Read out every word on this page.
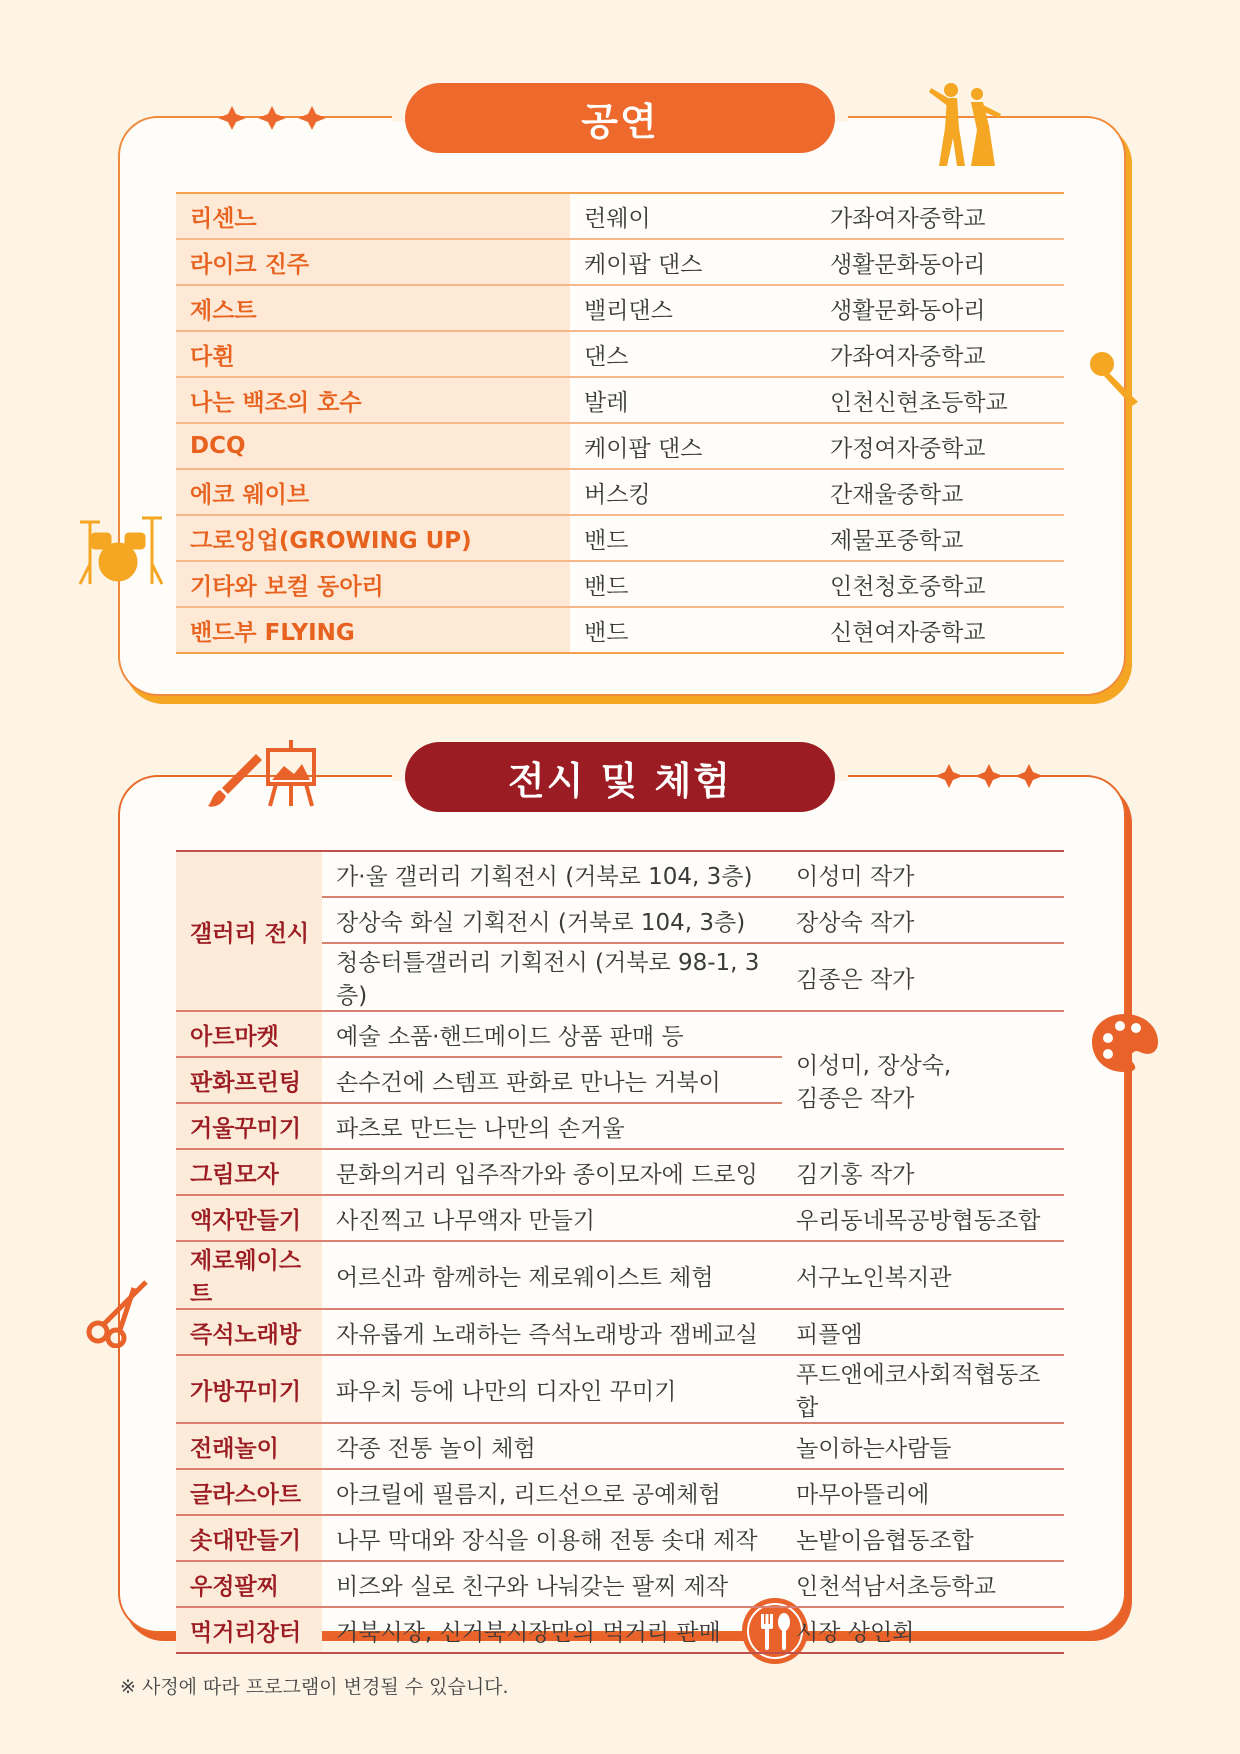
공연
리센느	런웨이	가좌여자중학교
라이크 진주	케이팝 댄스	생활문화동아리
제스트	밸리댄스	생활문화동아리
다휜	댄스	가좌여자중학교
나는 백조의 호수	발레	인천신현초등학교
DCQ	케이팝 댄스	가정여자중학교
에코 웨이브	버스킹	간재울중학교
그로잉업(GROWING UP)	밴드	제물포중학교
기타와 보컬 동아리	밴드	인천청호중학교
밴드부 FLYING	밴드	신현여자중학교
전시 및 체험
갤러리 전시	가·울 갤러리 기획전시 (거북로 104, 3층)	이성미 작가
	장상숙 화실 기획전시 (거북로 104, 3층)	장상숙 작가
	청송터틀갤러리 기획전시 (거북로 98-1, 3층)	김종은 작가
아트마켓	예술 소품·핸드메이드 상품 판매 등	이성미, 장상숙,
김종은 작가

판화프린팅	손수건에 스템프 판화로 만나는 거북이	
거울꾸미기	파츠로 만드는 나만의 손거울	
그림모자	문화의거리 입주작가와 종이모자에 드로잉	김기홍 작가
액자만들기	사진찍고 나무액자 만들기	우리동네목공방협동조합
제로웨이스트	어르신과 함께하는 제로웨이스트 체험	서구노인복지관
즉석노래방	자유롭게 노래하는 즉석노래방과 잼베교실	피플엠
가방꾸미기	파우치 등에 나만의 디자인 꾸미기	푸드앤에코사회적협동조합
전래놀이	각종 전통 놀이 체험	놀이하는사람들
글라스아트	아크릴에 필름지, 리드선으로 공예체험	마무아뜰리에
솟대만들기	나무 막대와 장식을 이용해 전통 솟대 제작	논밭이음협동조합
우정팔찌	비즈와 실로 친구와 나눠갖는 팔찌 제작	인천석남서초등학교
먹거리장터	거북시장, 신거북시장만의 먹거리 판매	시장 상인회
※ 사정에 따라 프로그램이 변경될 수 있습니다.
